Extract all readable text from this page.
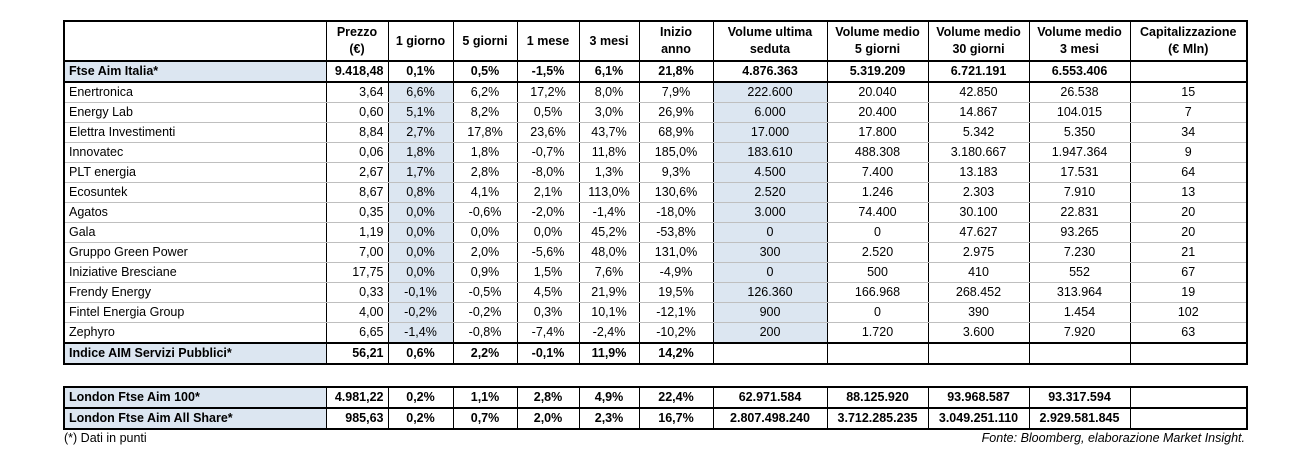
	Prezzo (€)	1 giorno	5 giorni	1 mese	3 mesi	Inizio anno	Volume ultima seduta	Volume medio 5 giorni	Volume medio 30 giorni	Volume medio 3 mesi	Capitalizzazione (€ Mln)
Ftse Aim Italia*	9.418,48	0,1%	0,5%	-1,5%	6,1%	21,8%	4.876.363	5.319.209	6.721.191	6.553.406	
Enertronica	3,64	6,6%	6,2%	17,2%	8,0%	7,9%	222.600	20.040	42.850	26.538	15
Energy Lab	0,60	5,1%	8,2%	0,5%	3,0%	26,9%	6.000	20.400	14.867	104.015	7
Elettra Investimenti	8,84	2,7%	17,8%	23,6%	43,7%	68,9%	17.000	17.800	5.342	5.350	34
Innovatec	0,06	1,8%	1,8%	-0,7%	11,8%	185,0%	183.610	488.308	3.180.667	1.947.364	9
PLT energia	2,67	1,7%	2,8%	-8,0%	1,3%	9,3%	4.500	7.400	13.183	17.531	64
Ecosuntek	8,67	0,8%	4,1%	2,1%	113,0%	130,6%	2.520	1.246	2.303	7.910	13
Agatos	0,35	0,0%	-0,6%	-2,0%	-1,4%	-18,0%	3.000	74.400	30.100	22.831	20
Gala	1,19	0,0%	0,0%	0,0%	45,2%	-53,8%	0	0	47.627	93.265	20
Gruppo Green Power	7,00	0,0%	2,0%	-5,6%	48,0%	131,0%	300	2.520	2.975	7.230	21
Iniziative Bresciane	17,75	0,0%	0,9%	1,5%	7,6%	-4,9%	0	500	410	552	67
Frendy Energy	0,33	-0,1%	-0,5%	4,5%	21,9%	19,5%	126.360	166.968	268.452	313.964	19
Fintel Energia Group	4,00	-0,2%	-0,2%	0,3%	10,1%	-12,1%	900	0	390	1.454	102
Zephyro	6,65	-1,4%	-0,8%	-7,4%	-2,4%	-10,2%	200	1.720	3.600	7.920	63
Indice AIM Servizi Pubblici*	56,21	0,6%	2,2%	-0,1%	11,9%	14,2%					
London Ftse Aim 100*	4.981,22	0,2%	1,1%	2,8%	4,9%	22,4%	62.971.584	88.125.920	93.968.587	93.317.594	
London Ftse Aim All Share*	985,63	0,2%	0,7%	2,0%	2,3%	16,7%	2.807.498.240	3.712.285.235	3.049.251.110	2.929.581.845	
(*) Dati in punti	Fonte: Bloomberg, elaborazione Market Insight.
